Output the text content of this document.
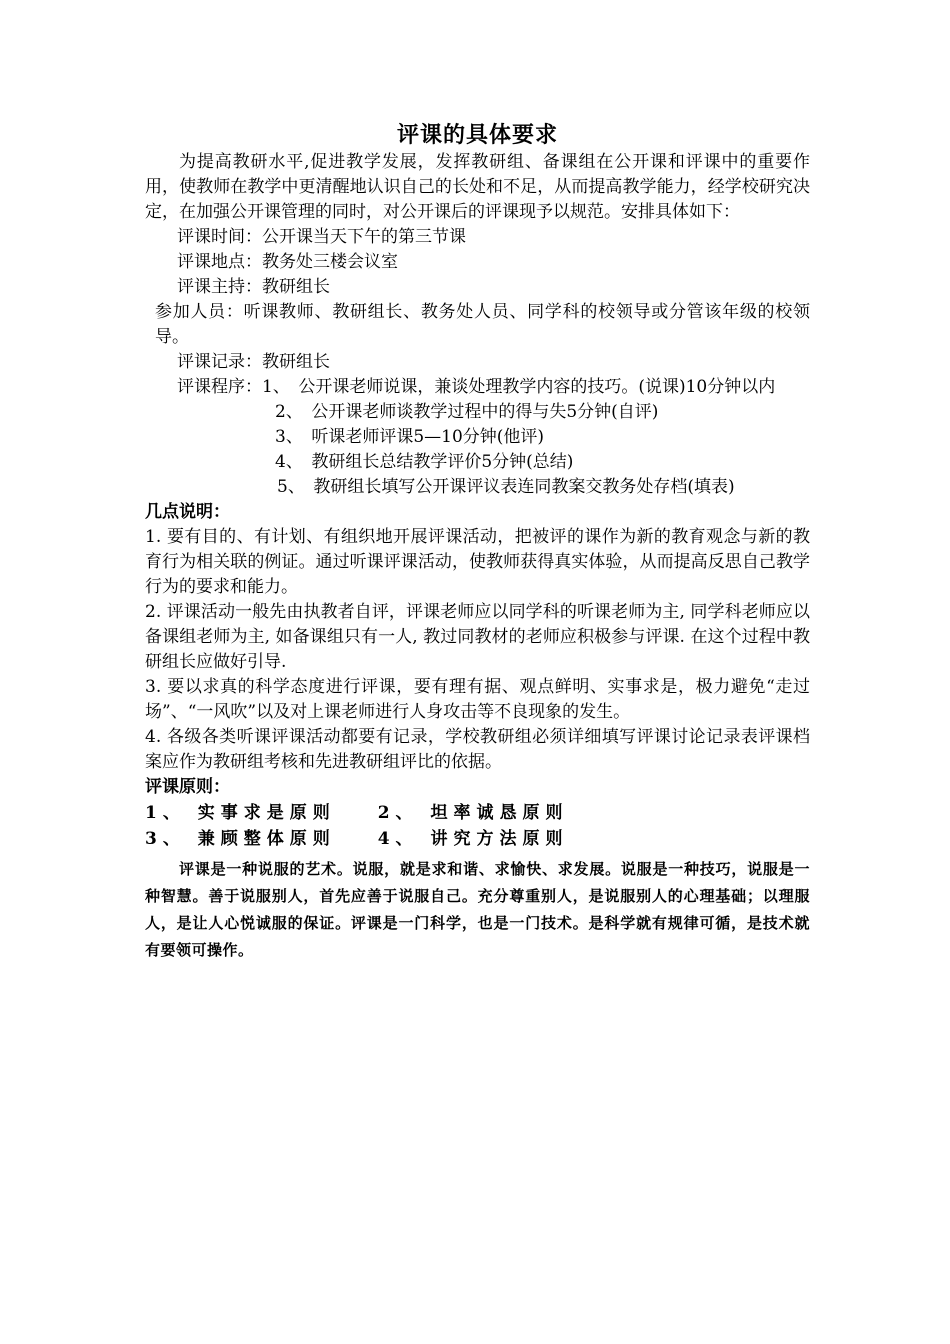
评课的具体要求

为提高教研水平,促进教学发展，发挥教研组、备课组在公开课和评课中的重要作用，使教师在教学中更清醒地认识自己的长处和不足，从而提高教学能力，经学校研究决定，在加强公开课管理的同时，对公开课后的评课现予以规范。安排具体如下：

评课时间：公开课当天下午的第三节课

评课地点：教务处三楼会议室

评课主持：教研组长

参加人员：听课教师、教研组长、教务处人员、同学科的校领导或分管该年级的校领导。

评课记录：教研组长

评课程序：1、　公开课老师说课，兼谈处理教学内容的技巧。(说课)10分钟以内

2、　公开课老师谈教学过程中的得与失5分钟(自评)

3、　听课老师评课5—10分钟(他评)

4、　教研组长总结教学评价5分钟(总结)

5、　教研组长填写公开课评议表连同教案交教务处存档(填表)

几点说明：

1. 要有目的、有计划、有组织地开展评课活动，把被评的课作为新的教育观念与新的教育行为相关联的例证。通过听课评课活动，使教师获得真实体验，从而提高反思自己教学行为的要求和能力。

2. 评课活动一般先由执教者自评，评课老师应以同学科的听课老师为主, 同学科老师应以备课组老师为主, 如备课组只有一人, 教过同教材的老师应积极参与评课. 在这个过程中教研组长应做好引导.

3. 要以求真的科学态度进行评课，要有理有据、观点鲜明、实事求是，极力避免“走过场”、“一风吹”以及对上课老师进行人身攻击等不良现象的发生。

4. 各级各类听课评课活动都要有记录，学校教研组必须详细填写评课讨论记录表评课档案应作为教研组考核和先进教研组评比的依据。

评课原则：

1、 实事求是原则 2、 坦率诚恳原则

3、 兼顾整体原则 4、 讲究方法原则

评课是一种说服的艺术。说服，就是求和谐、求愉快、求发展。说服是一种技巧，说服是一种智慧。善于说服别人，首先应善于说服自己。充分尊重别人，是说服别人的心理基础；以理服人，是让人心悦诚服的保证。评课是一门科学，也是一门技术。是科学就有规律可循，是技术就有要领可操作。
